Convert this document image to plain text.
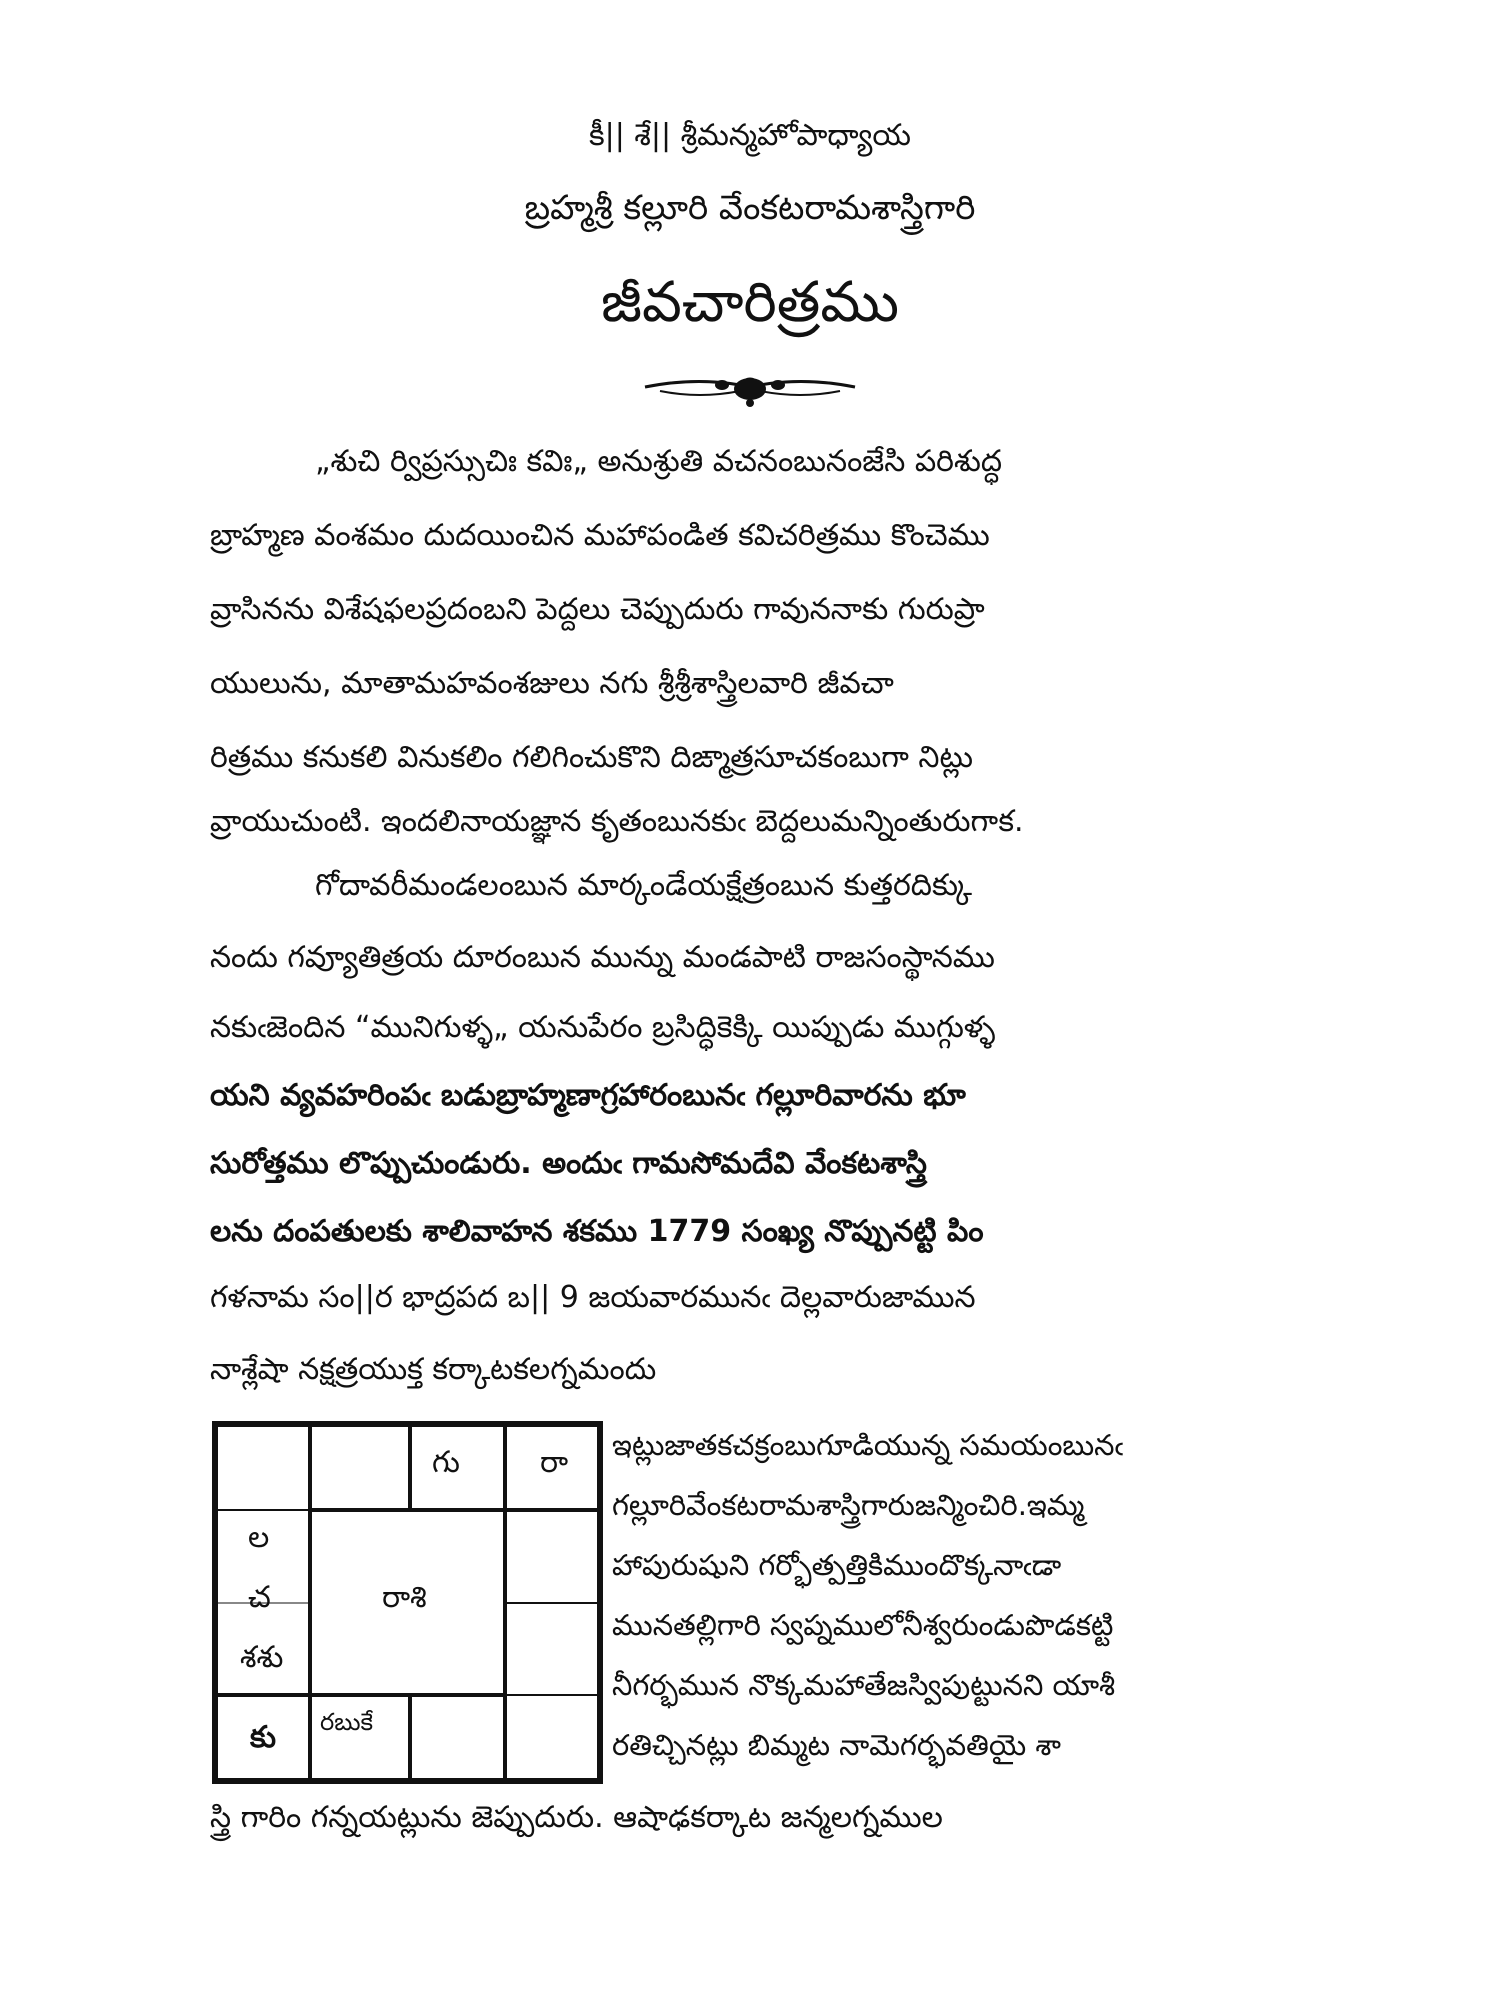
కీ|| శే|| శ్రీమన్మహోపాధ్యాయ
బ్రహ్మశ్రీ కల్లూరి వేంకటరామశాస్త్రిగారి
జీవచారిత్రము
„శుచి ర్విప్రస్సుచిః కవిః„ అనుశ్రుతి వచనంబునంజేసి పరిశుద్ధ
బ్రాహ్మణ వంశమం దుదయించిన మహాపండిత కవిచరిత్రము కొంచెము
వ్రాసినను విశేషఫలప్రదంబని పెద్దలు చెప్పుదురు గావుననాకు గురుప్రా
యులును, మాతామహవంశజులు నగు శ్రీశ్రీశాస్త్రిలవారి జీవచా
రిత్రము కనుకలి వినుకలిం గలిగించుకొని దిఙ్మాత్రసూచకంబుగా నిట్లు
వ్రాయుచుంటి. ఇందలినాయజ్ఞాన కృతంబునకుఁ బెద్దలుమన్నింతురుగాక.
గోదావరీమండలంబున మార్కండేయక్షేత్రంబున కుత్తరదిక్కు
నందు గవ్యూతిత్రయ దూరంబున మున్ను మండపాటి రాజసంస్థానము
నకుఁజెందిన “మునిగుళ్ళ„ యనుపేరం బ్రసిద్ధికెక్కి యిప్పుడు ముగ్గుళ్ళ
యని వ్యవహరింపఁ బడుబ్రాహ్మణాగ్రహారంబునఁ గల్లూరివారను భూ
సురోత్తము లొప్పుచుండురు. అందుఁ గామసోమదేవి వేంకటశాస్త్రి
లను దంపతులకు శాలివాహన శకము 1779 సంఖ్య నొప్పునట్టి పిం
గళనామ సం||ర భాద్రపద బ|| 9 జయవారమునఁ దెల్లవారుజామున
నాశ్లేషా నక్షత్రయుక్త కర్కాటకలగ్నమందు
గు	రా
ల
చ
శశు
రాశి
కు రబుకే
ఇట్లుజాతకచక్రంబుగూడియున్న సమయంబునఁ
గల్లూరివేంకటరామశాస్త్రిగారుజన్మించిరి.ఇమ్మ
హాపురుషుని గర్భోత్పత్తికిముందొక్కనాఁడా
మునతల్లిగారి స్వప్నములోనీశ్వరుండుపొడకట్టి
నీగర్భమున నొక్కమహాతేజస్విపుట్టునని యాశీ
రతిచ్చినట్లు బిమ్మట నామెగర్భవతియై శా
స్త్రి గారిం గన్నయట్లును జెప్పుదురు. ఆషాఢకర్కాట జన్మలగ్నముల
